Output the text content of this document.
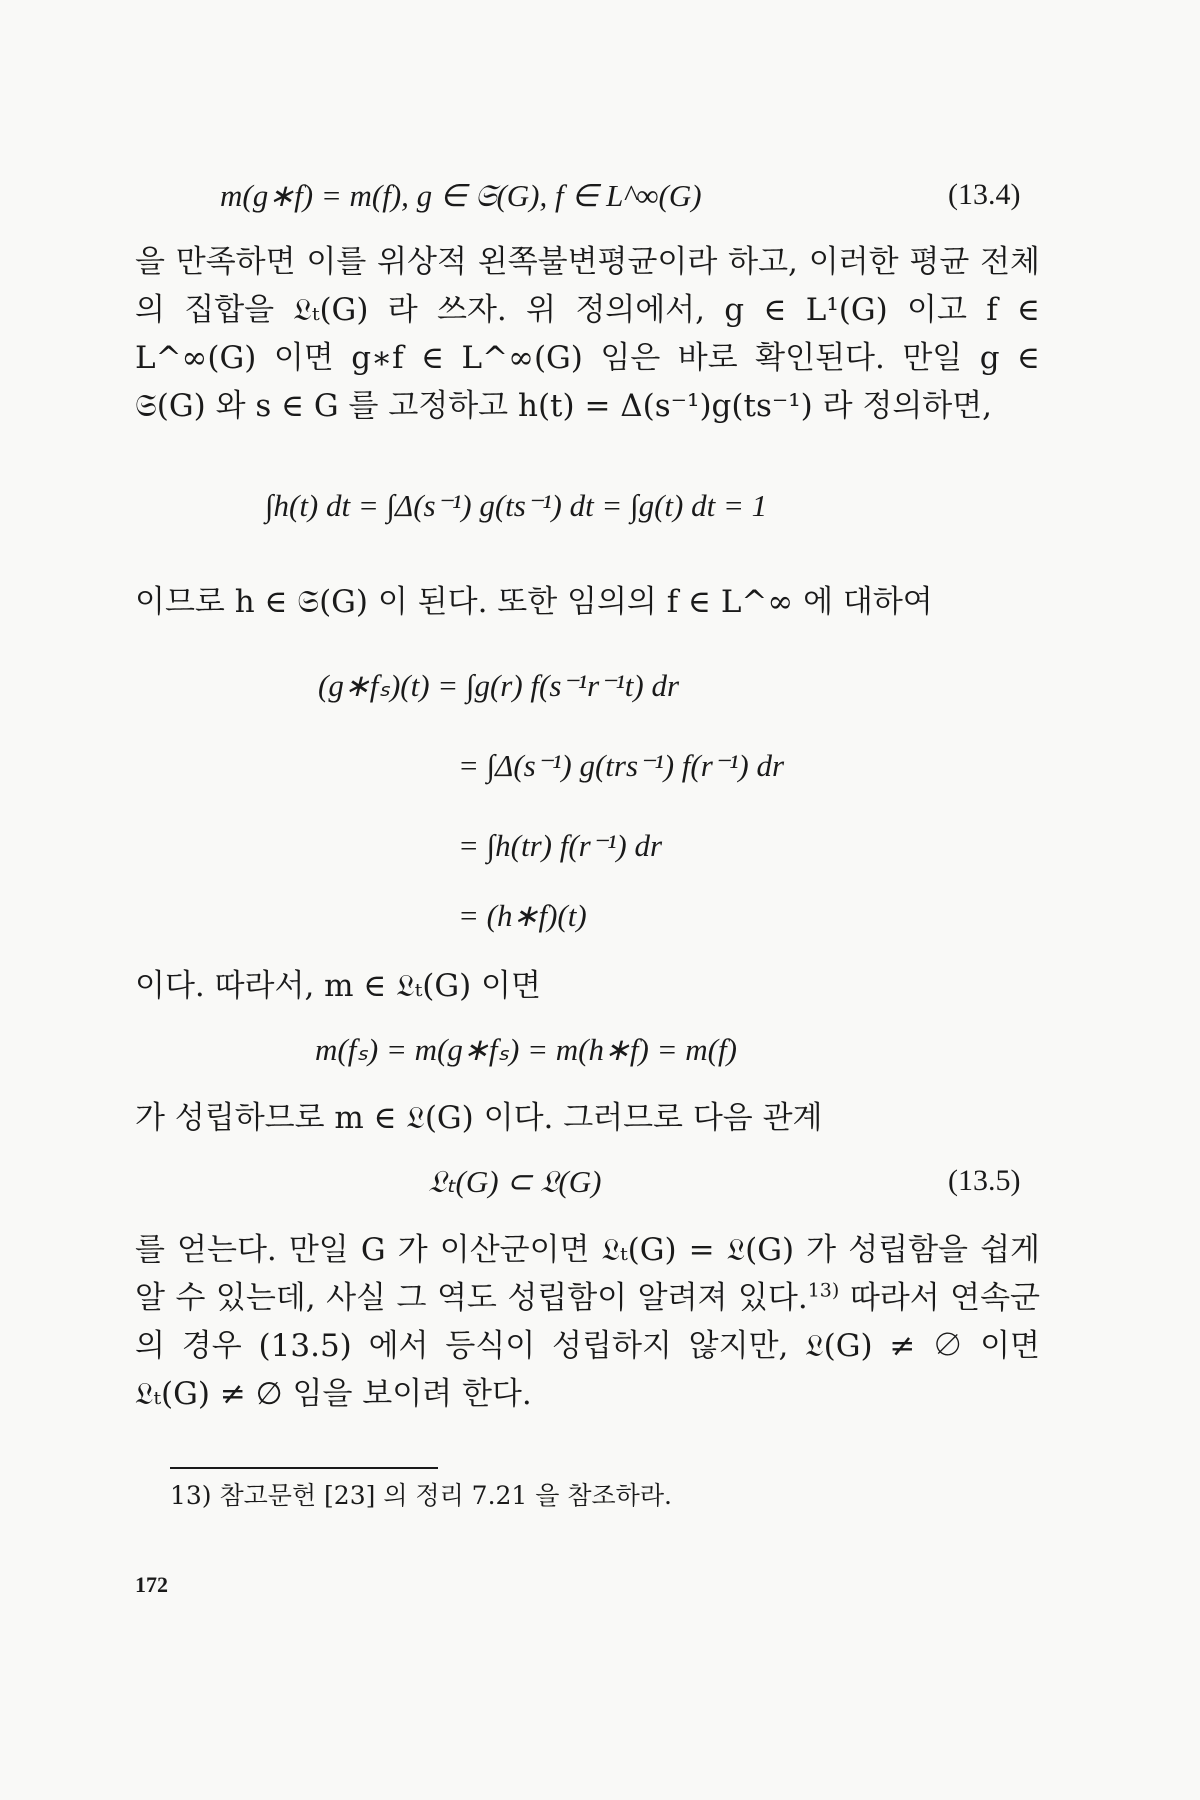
m(g∗f) = m(f), g ∈ 𝔖(G), f ∈ L^∞(G)	(13.4)

을 만족하면 이를 위상적 왼쪽불변평균이라 하고, 이러한 평균 전체의 집합을 𝔏ₜ(G) 라 쓰자. 위 정의에서, g ∈ L¹(G) 이고 f ∈ L^∞(G) 이면 g∗f ∈ L^∞(G) 임은 바로 확인된다. 만일 g ∈ 𝔖(G) 와 s ∈ G 를 고정하고 h(t) = Δ(s⁻¹)g(ts⁻¹) 라 정의하면,

∫h(t) dt = ∫Δ(s⁻¹) g(ts⁻¹) dt = ∫g(t) dt = 1

이므로 h ∈ 𝔖(G) 이 된다. 또한 임의의 f ∈ L^∞ 에 대하여

(g∗fₛ)(t) = ∫g(r) f(s⁻¹r⁻¹t) dr
= ∫Δ(s⁻¹) g(trs⁻¹) f(r⁻¹) dr
= ∫h(tr) f(r⁻¹) dr
= (h∗f)(t)

이다. 따라서, m ∈ 𝔏ₜ(G) 이면

m(fₛ) = m(g∗fₛ) = m(h∗f) = m(f)

가 성립하므로 m ∈ 𝔏(G) 이다. 그러므로 다음 관계

𝔏ₜ(G) ⊂ 𝔏(G)	(13.5)

를 얻는다. 만일 G 가 이산군이면 𝔏ₜ(G) = 𝔏(G) 가 성립함을 쉽게 알 수 있는데, 사실 그 역도 성립함이 알려져 있다.$^{13)}$ 따라서 연속군의 경우 (13.5) 에서 등식이 성립하지 않지만, 𝔏(G) ≠ ∅ 이면 𝔏ₜ(G) ≠ ∅ 임을 보이려 한다.

13) 참고문헌 [23] 의 정리 7.21 을 참조하라.
172
